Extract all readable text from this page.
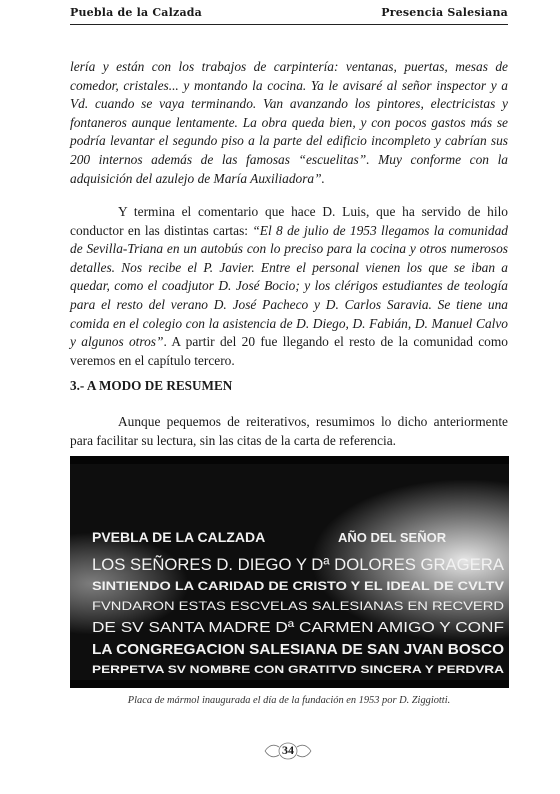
Puebla de la Calzada	Presencia Salesiana
lería y están con los trabajos de carpintería: ventanas, puertas, mesas de comedor, cristales... y montando la cocina. Ya le avisaré al señor inspector y a Vd. cuando se vaya terminando. Van avanzando los pintores, electricistas y fontaneros aunque lentamente. La obra queda bien, y con pocos gastos más se podría levantar el segundo piso a la parte del edificio incompleto y cabrían sus 200 internos además de las famosas “escuelitas”. Muy conforme con la adquisición del azulejo de María Auxiliadora”.
Y termina el comentario que hace D. Luis, que ha servido de hilo conductor en las distintas cartas: “El 8 de julio de 1953 llegamos la comunidad de Sevilla-Triana en un autobús con lo preciso para la cocina y otros numerosos detalles. Nos recibe el P. Javier. Entre el personal vienen los que se iban a quedar, como el coadjutor D. José Bocio; y los clérigos estudiantes de teología para el resto del verano D. José Pacheco y D. Carlos Saravia. Se tiene una comida en el colegio con la asistencia de D. Diego, D. Fabián, D. Manuel Calvo y algunos otros”. A partir del 20 fue llegando el resto de la comunidad como veremos en el capítulo tercero.
3.- A MODO DE RESUMEN
Aunque pequemos de reiterativos, resumimos lo dicho anteriormente para facilitar su lectura, sin las citas de la carta de referencia.
PVEBLA DE LA CALZADA	AÑO DEL SEÑOR
LOS SEÑORES D. DIEGO Y Dª DOLORES GRAGERA
SINTIENDO LA CARIDAD DE CRISTO Y EL IDEAL DE CVLTV
FVNDARON ESTAS ESCVELAS SALESIANAS EN RECVERD
DE SV SANTA MADRE Dª CARMEN AMIGO Y CONF
LA CONGREGACION SALESIANA DE SAN JVAN BOSCO
PERPETVA SV NOMBRE CON GRATITVD SINCERA Y PERDVRA
Placa de mármol inaugurada el día de la fundación en 1953 por D. Ziggiotti.
34
